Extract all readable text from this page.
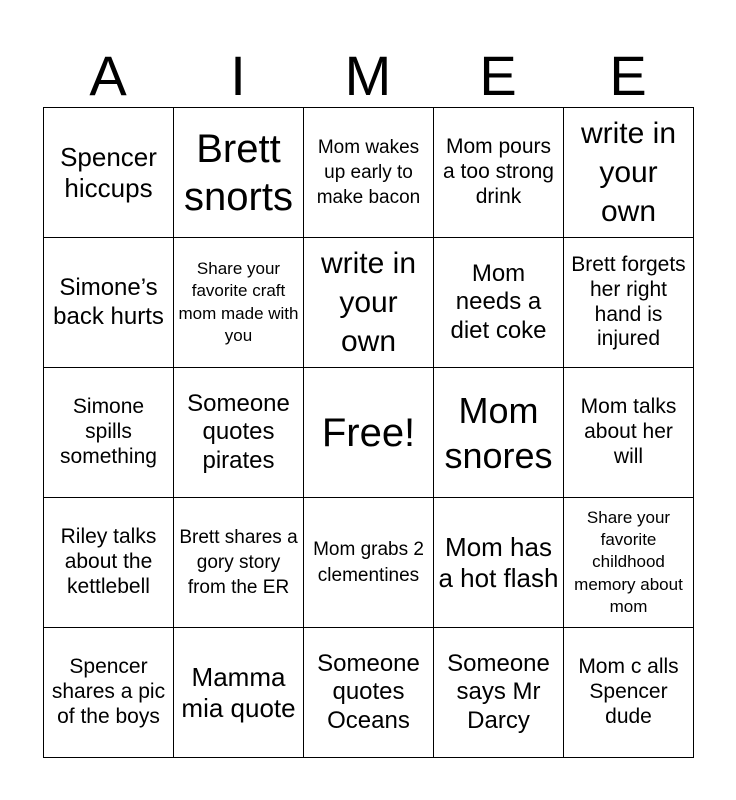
A	I	M	E	E
Spencer hiccups	Brett snorts	Mom wakes up early to make bacon	Mom pours a too strong drink	write in your own
Simone’s back hurts	Share your favorite craft mom made with you	write in your own	Mom needs a diet coke	Brett forgets her right hand is injured
Simone spills something	Someone quotes pirates	Free!	Mom snores	Mom talks about her will
Riley talks about the kettlebell	Brett shares a gory story from the ER	Mom grabs 2 clementines	Mom has a hot flash	Share your favorite childhood memory about mom
Spencer shares a pic of the boys	Mamma mia quote	Someone quotes Oceans	Someone says Mr Darcy	Mom c alls Spencer dude
